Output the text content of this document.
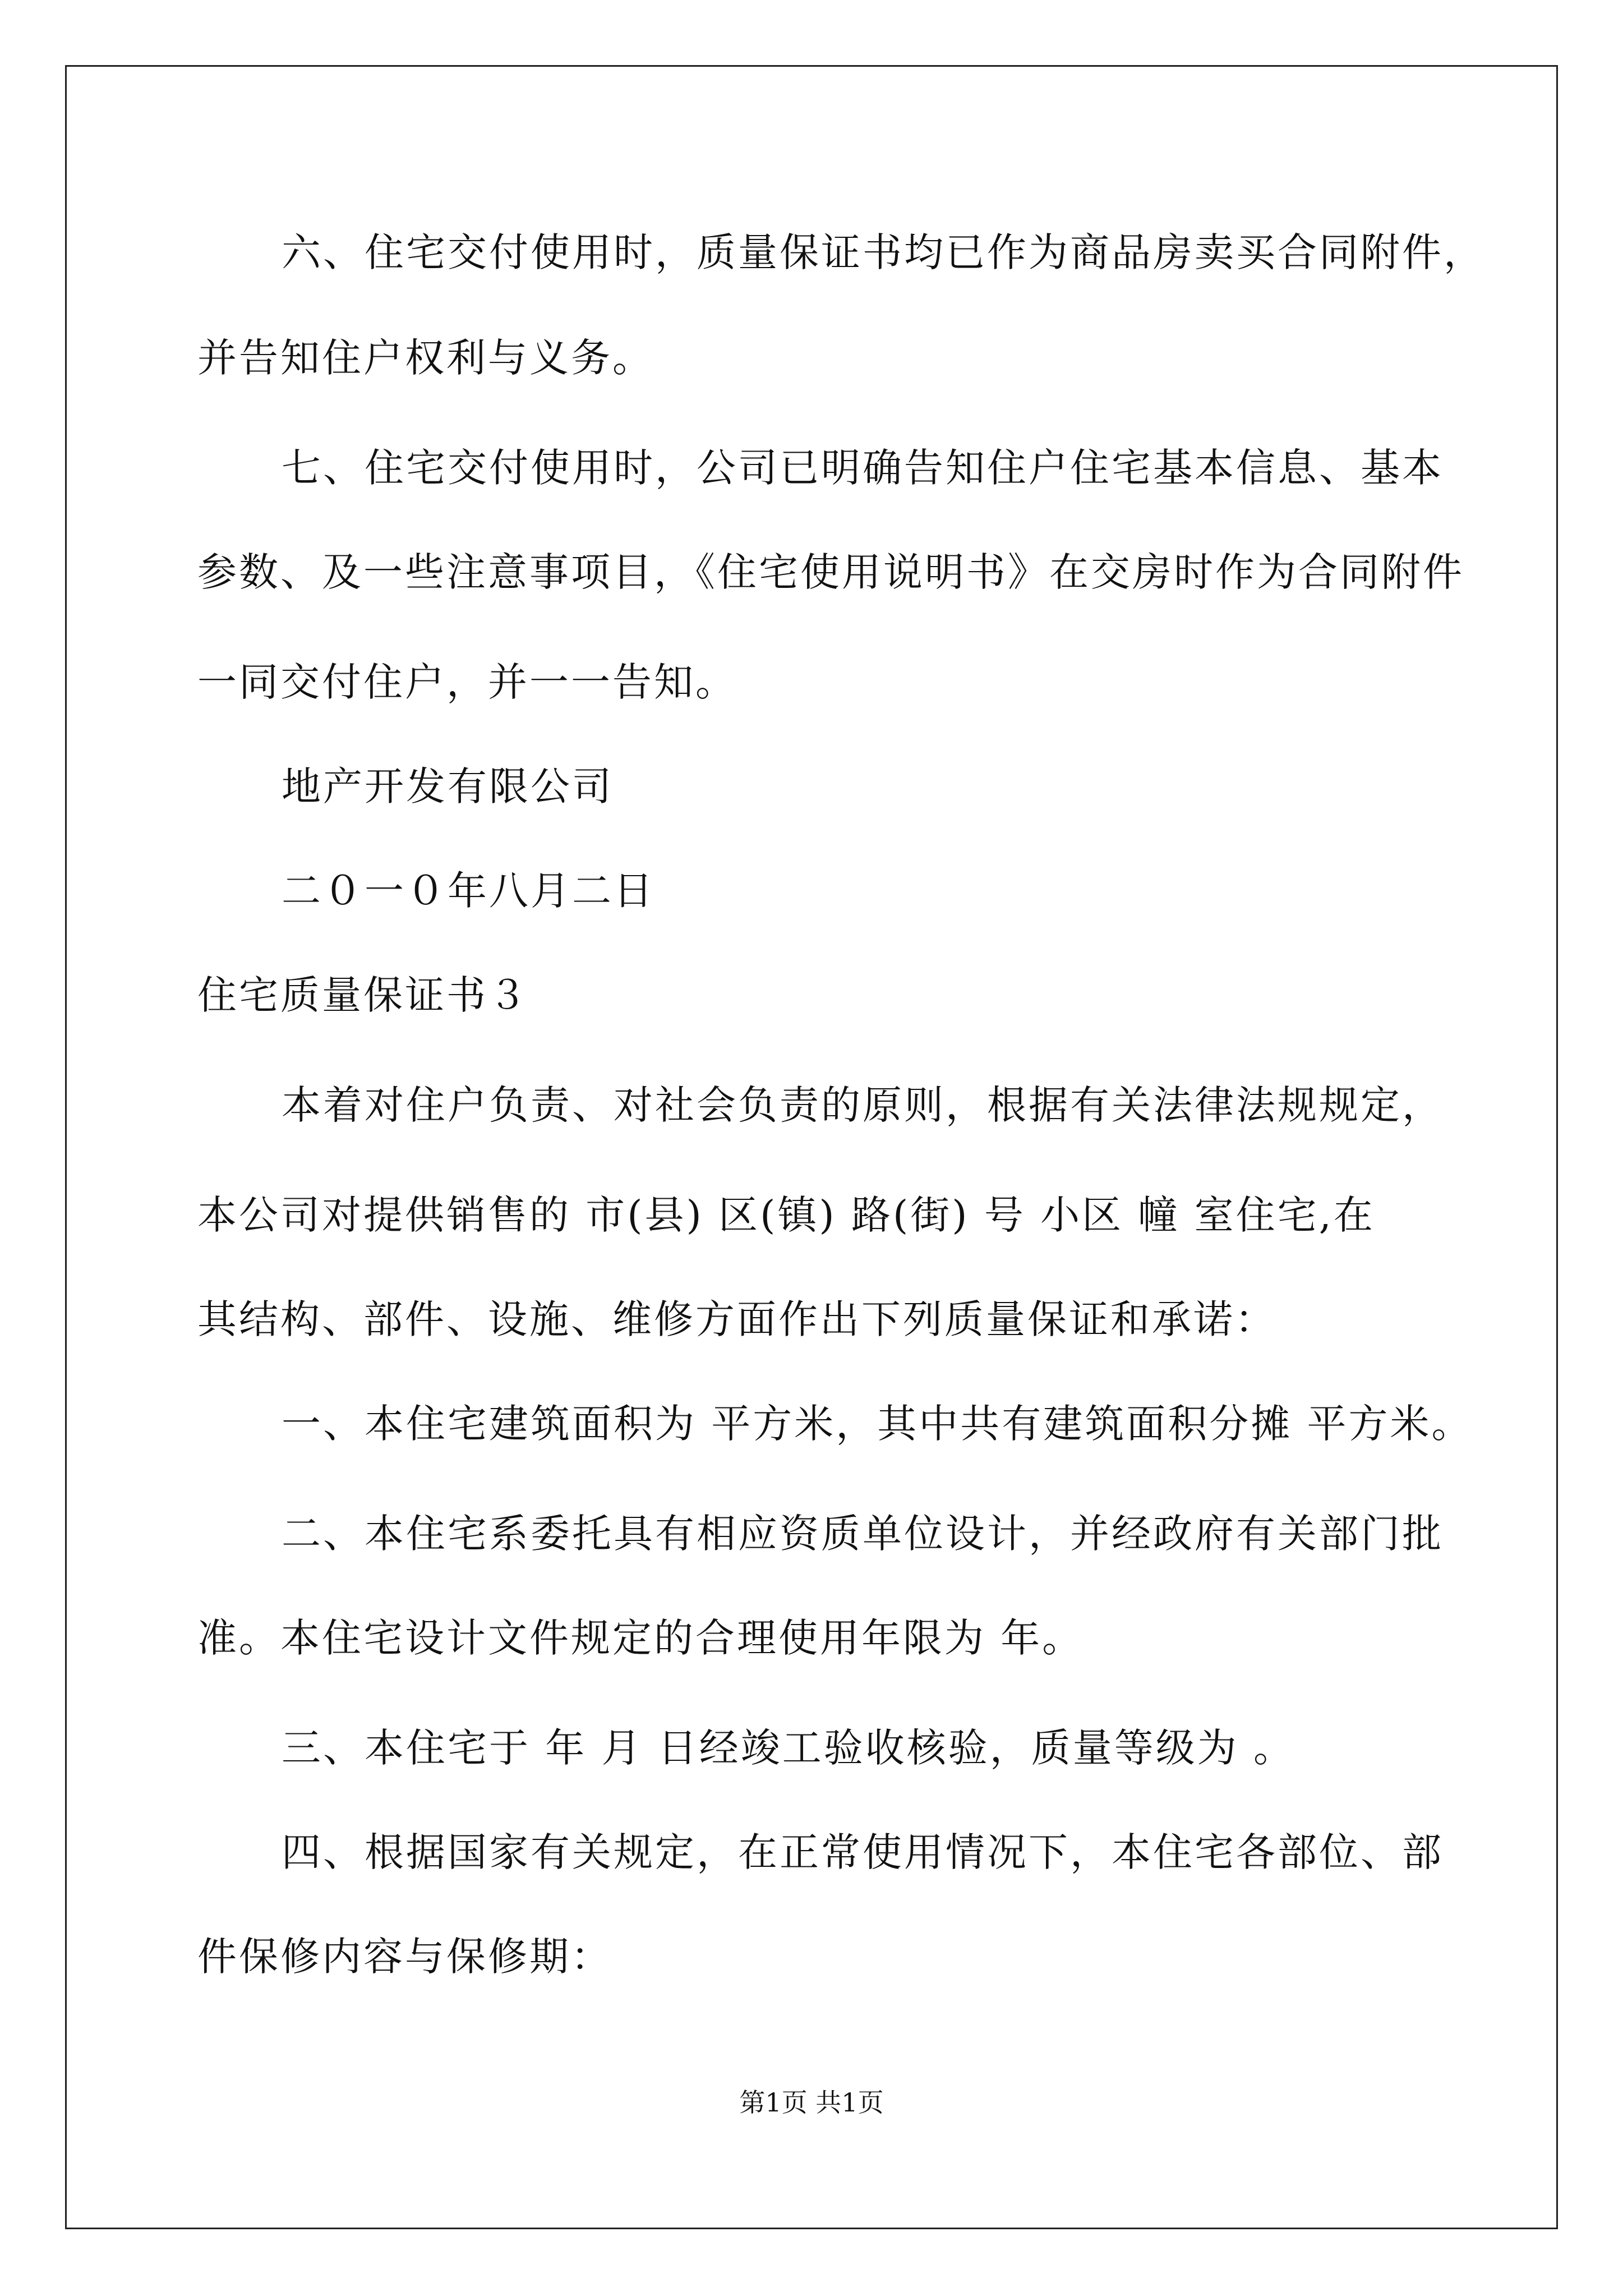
六、住宅交付使用时，质量保证书均已作为商品房卖买合同附件，
并告知住户权利与义务。
七、住宅交付使用时，公司已明确告知住户住宅基本信息、基本
参数、及一些注意事项目，《住宅使用说明书》在交房时作为合同附件
一同交付住户，并一一告知。
地产开发有限公司
二０一０年八月二日
住宅质量保证书３
本着对住户负责、对社会负责的原则，根据有关法律法规规定，
本公司对提供销售的 市(县) 区(镇) 路(街) 号 小区 幢 室住宅,在
其结构、部件、设施、维修方面作出下列质量保证和承诺：
一、本住宅建筑面积为 平方米，其中共有建筑面积分摊 平方米。
二、本住宅系委托具有相应资质单位设计，并经政府有关部门批
准。本住宅设计文件规定的合理使用年限为 年。
三、本住宅于 年 月 日经竣工验收核验，质量等级为 。
四、根据国家有关规定，在正常使用情况下，本住宅各部位、部
件保修内容与保修期：
第1页 共1页
